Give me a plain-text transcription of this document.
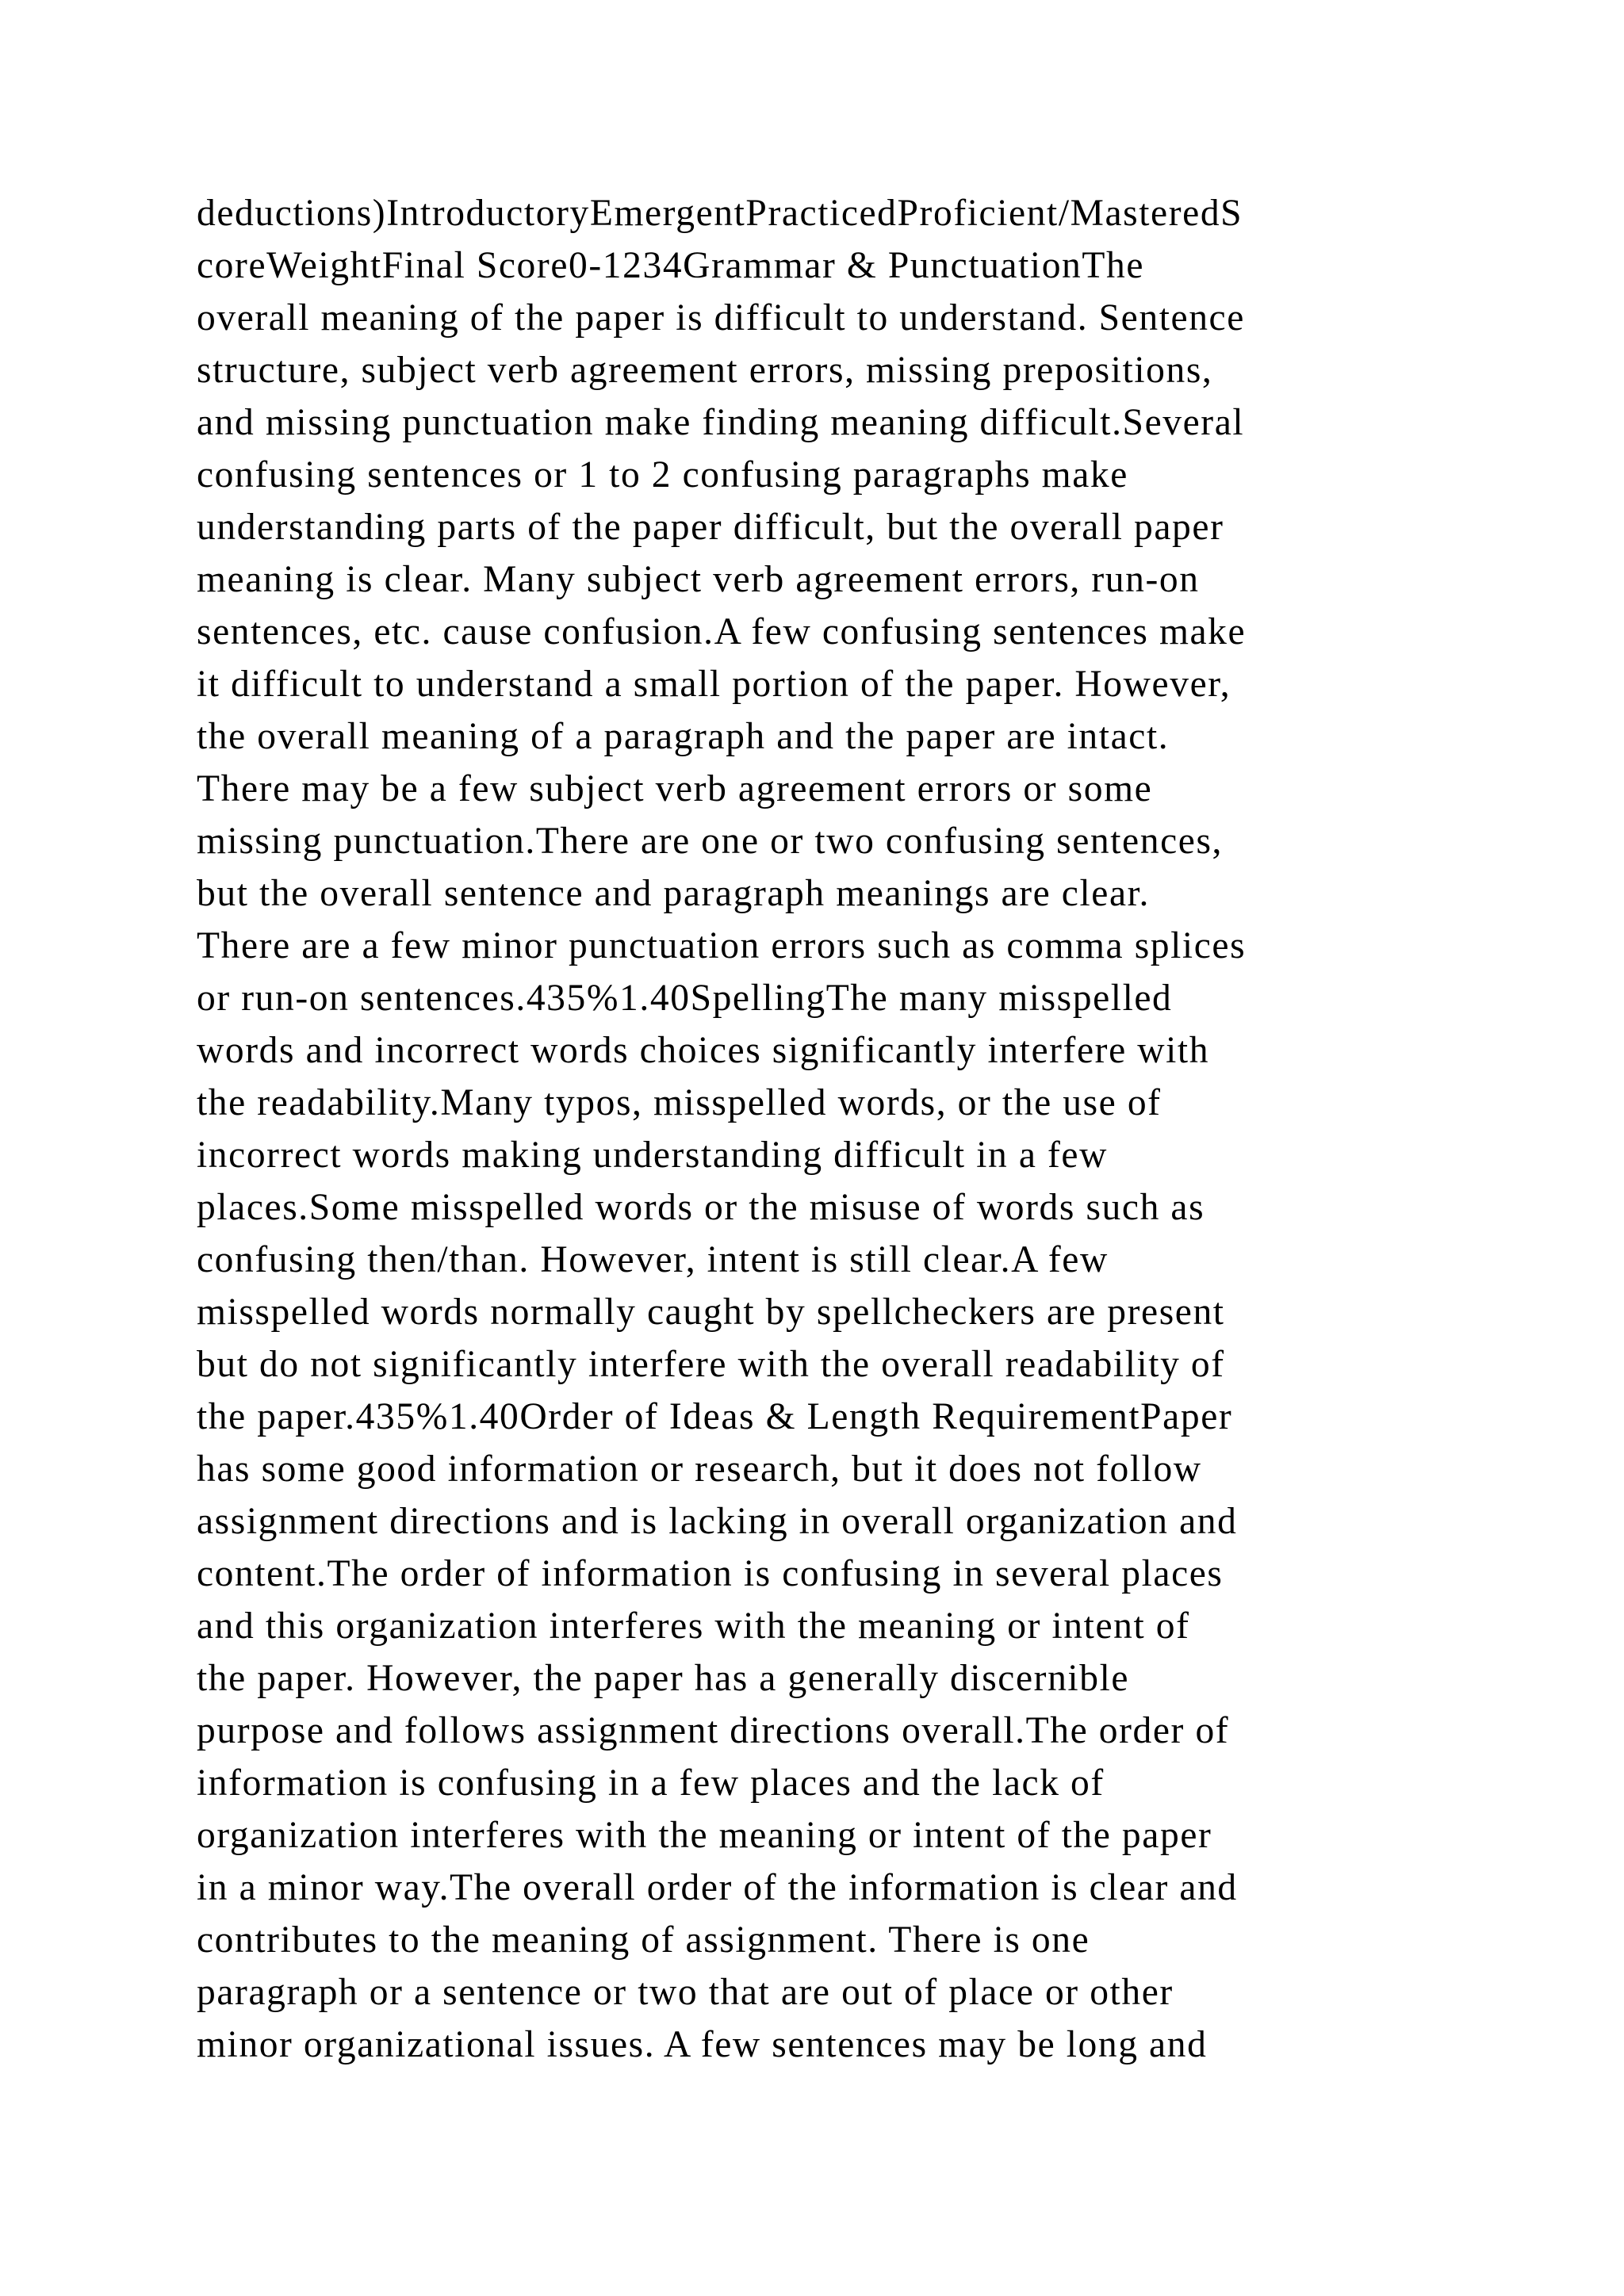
deductions)IntroductoryEmergentPracticedProficient/MasteredS
coreWeightFinal Score0-1234Grammar & PunctuationThe
overall meaning of the paper is difficult to understand. Sentence
structure, subject verb agreement errors, missing prepositions,
and missing punctuation make finding meaning difficult.Several
confusing sentences or 1 to 2 confusing paragraphs make
understanding parts of the paper difficult, but the overall paper
meaning is clear. Many subject verb agreement errors, run-on
sentences, etc. cause confusion.A few confusing sentences make
it difficult to understand a small portion of the paper. However,
the overall meaning of a paragraph and the paper are intact.
There may be a few subject verb agreement errors or some
missing punctuation.There are one or two confusing sentences,
but the overall sentence and paragraph meanings are clear.
There are a few minor punctuation errors such as comma splices
or run-on sentences.435%1.40SpellingThe many misspelled
words and incorrect words choices significantly interfere with
the readability.Many typos, misspelled words, or the use of
incorrect words making understanding difficult in a few
places.Some misspelled words or the misuse of words such as
confusing then/than. However, intent is still clear.A few
misspelled words normally caught by spellcheckers are present
but do not significantly interfere with the overall readability of
the paper.435%1.40Order of Ideas & Length RequirementPaper
has some good information or research, but it does not follow
assignment directions and is lacking in overall organization and
content.The order of information is confusing in several places
and this organization interferes with the meaning or intent of
the paper. However, the paper has a generally discernible
purpose and follows assignment directions overall.The order of
information is confusing in a few places and the lack of
organization interferes with the meaning or intent of the paper
in a minor way.The overall order of the information is clear and
contributes to the meaning of assignment. There is one
paragraph or a sentence or two that are out of place or other
minor organizational issues. A few sentences may be long and
